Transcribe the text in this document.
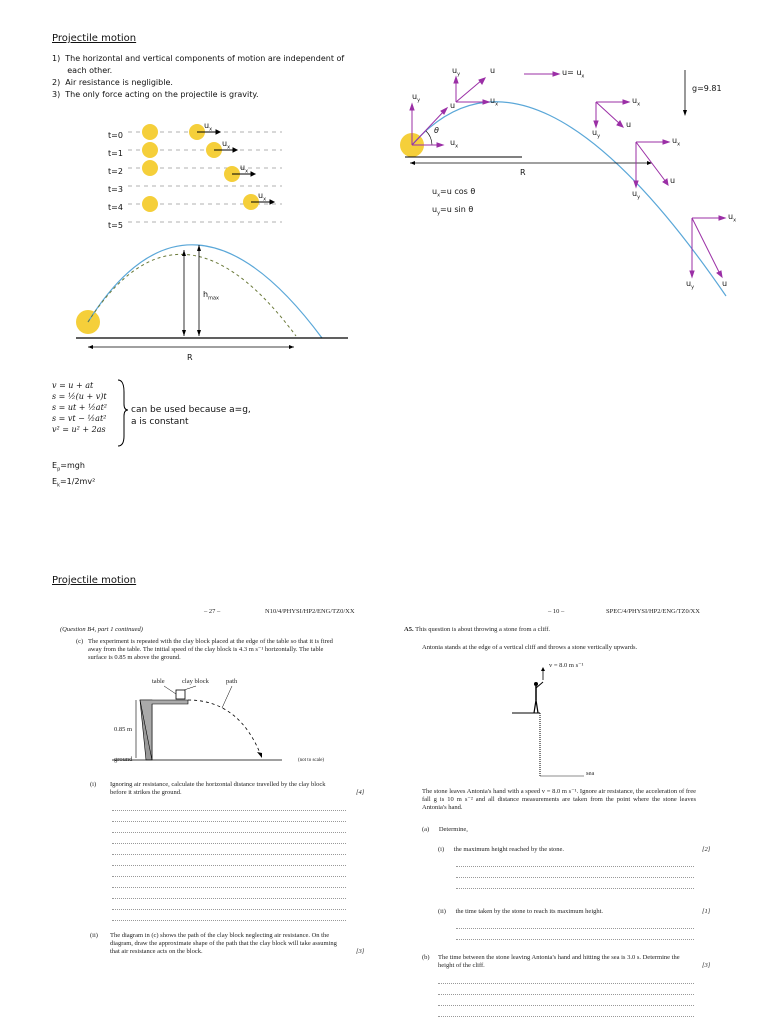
Projectile motion
1)  The horizontal and vertical components of motion are independent of
each other.
2)  Air resistance is negligible.
3)  The only force acting on the projectile is gravity.
t=0
t=1
t=2
t=3
t=4
t=5
$u_x$
$u_x$
$u_x$
$u_x$
$h_{max}$
R
v = u + at
s = ½(u + v)t
s = ut + ½at²
s = vt − ½at²
v² = u² + 2as
can be used because a=g,
a is constant
$E_p=mgh$
$E_k=1/2mv^2$
g=9.81
$u_y$
$u_x$
u
θ
$u_y$	u
$u_x$
$u= u_x$
$u_x$
$u_y$
u
$u_x$
$u_y$
u
$u_x$
$u_y$	u
R
$u_x=u$ cos θ
$u_y=u$ sin θ
Projectile motion
– 27 –	N10/4/PHYSI/HP2/ENG/TZ0/XX
(Question B4, part 1 continued)
(c) The experiment is repeated with the clay block placed at the edge of the table so that it is fired away from the table. The initial speed of the clay block is 4.3 m s⁻¹ horizontally. The table surface is 0.85 m above the ground.
table	clay block	path
0.85 m
ground	(not to scale)
(i) Ignoring air resistance, calculate the horizontal distance travelled by the clay block before it strikes the ground.	[4]
(ii) The diagram in (c) shows the path of the clay block neglecting air resistance. On the diagram, draw the approximate shape of the path that the clay block will take assuming that air resistance acts on the block.	[3]
– 10 –	SPEC/4/PHYSI/HP2/ENG/TZ0/XX
A5. This question is about throwing a stone from a cliff.
Antonia stands at the edge of a vertical cliff and throws a stone vertically upwards.
v = 8.0 m s⁻¹
sea
The stone leaves Antonia's hand with a speed v = 8.0 m s⁻¹. Ignore air resistance, the acceleration of free fall g is 10 m s⁻² and all distance measurements are taken from the point where the stone leaves Antonia's hand.
(a) Determine,
(i) the maximum height reached by the stone.	[2]
(ii) the time taken by the stone to reach its maximum height.	[1]
(b) The time between the stone leaving Antonia's hand and hitting the sea is 3.0 s. Determine the height of the cliff.	[3]
